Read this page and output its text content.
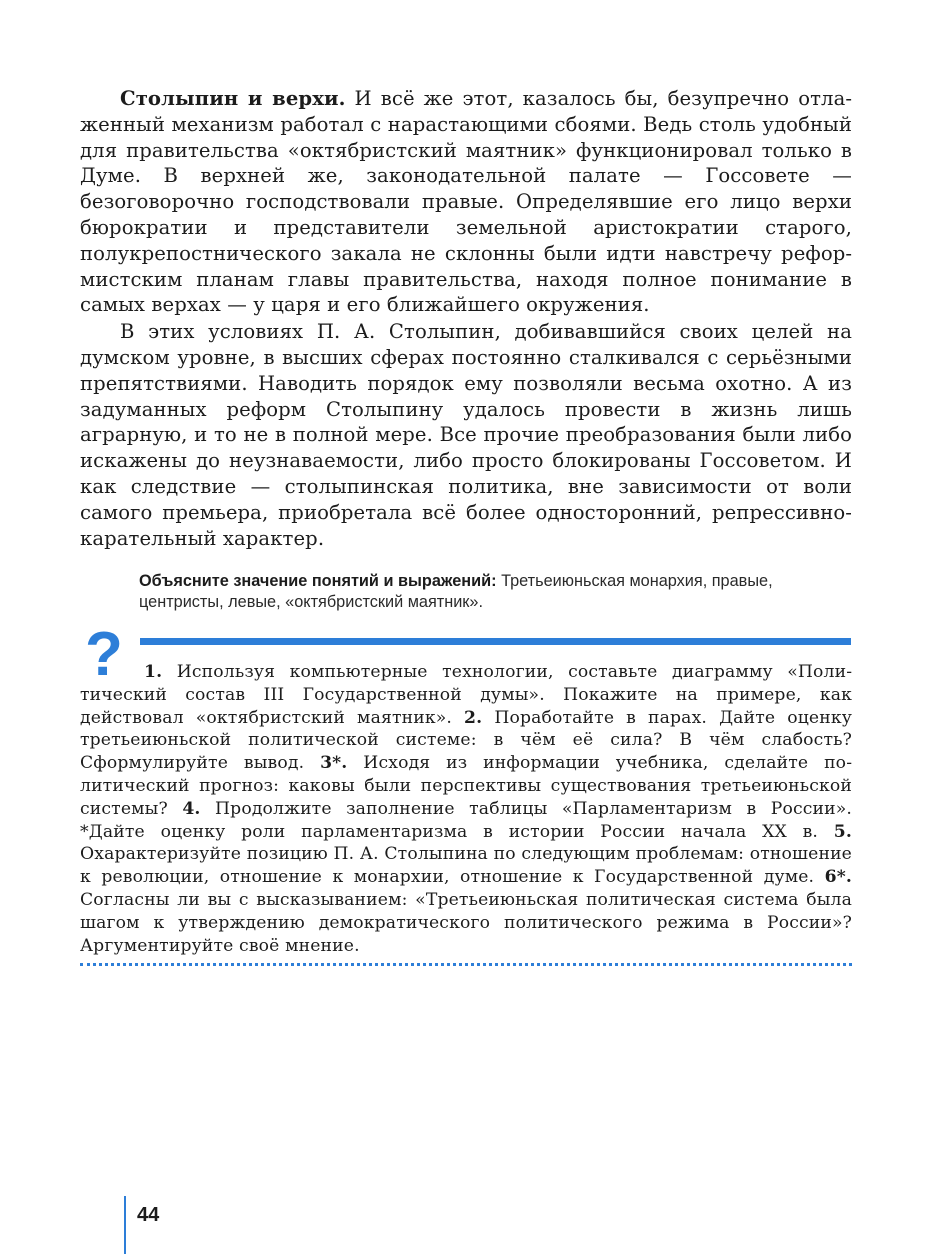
Столыпин и верхи. И всё же этот, казалось бы, безупречно отлаженный механизм работал с нарастающими сбоями. Ведь столь удобный для правительства «октябристский маятник» функционировал только в Думе. В верхней же, законодательной палате — Госсовете — безоговорочно господствовали правые. Определявшие его лицо верхи бюрократии и представители земельной аристократии старого, полукрепостнического закала не склонны были идти навстречу реформистским планам главы правительства, находя полное понимание в самых верхах — у царя и его ближайшего окружения.

В этих условиях П. А. Столыпин, добивавшийся своих целей на думском уровне, в высших сферах постоянно сталкивался с серьёзными препятствиями. Наводить порядок ему позволяли весьма охотно. А из задуманных реформ Столыпину удалось провести в жизнь лишь аграрную, и то не в полной мере. Все прочие преобразования были либо искажены до неузнаваемости, либо просто блокированы Госсоветом. И как следствие — столыпинская политика, вне зависимости от воли самого премьера, приобретала всё более односторонний, репрессивно-карательный характер.

Объясните значение понятий и выражений: Третьеиюньская монархия, правые, центристы, левые, «октябристский маятник».
?	1. Используя компьютерные технологии, составьте диаграмму «Политический состав III Государственной думы». Покажите на примере, как действовал «октябристский маятник». 2. Поработайте в парах. Дайте оценку третьеиюньской политической системе: в чём её сила? В чём слабость? Сформулируйте вывод. 3*. Исходя из информации учебника, сделайте политический прогноз: каковы были перспективы существования третьеиюньской системы? 4. Продолжите заполнение таблицы «Парламентаризм в России». *Дайте оценку роли парламентаризма в истории России начала XX в. 5. Охарактеризуйте позицию П. А. Столыпина по следующим проблемам: отношение к революции, отношение к монархии, отношение к Государственной думе. 6*. Согласны ли вы с высказыванием: «Третьеиюньская политическая система была шагом к утверждению демократического политического режима в России»? Аргументируйте своё мнение.

44
